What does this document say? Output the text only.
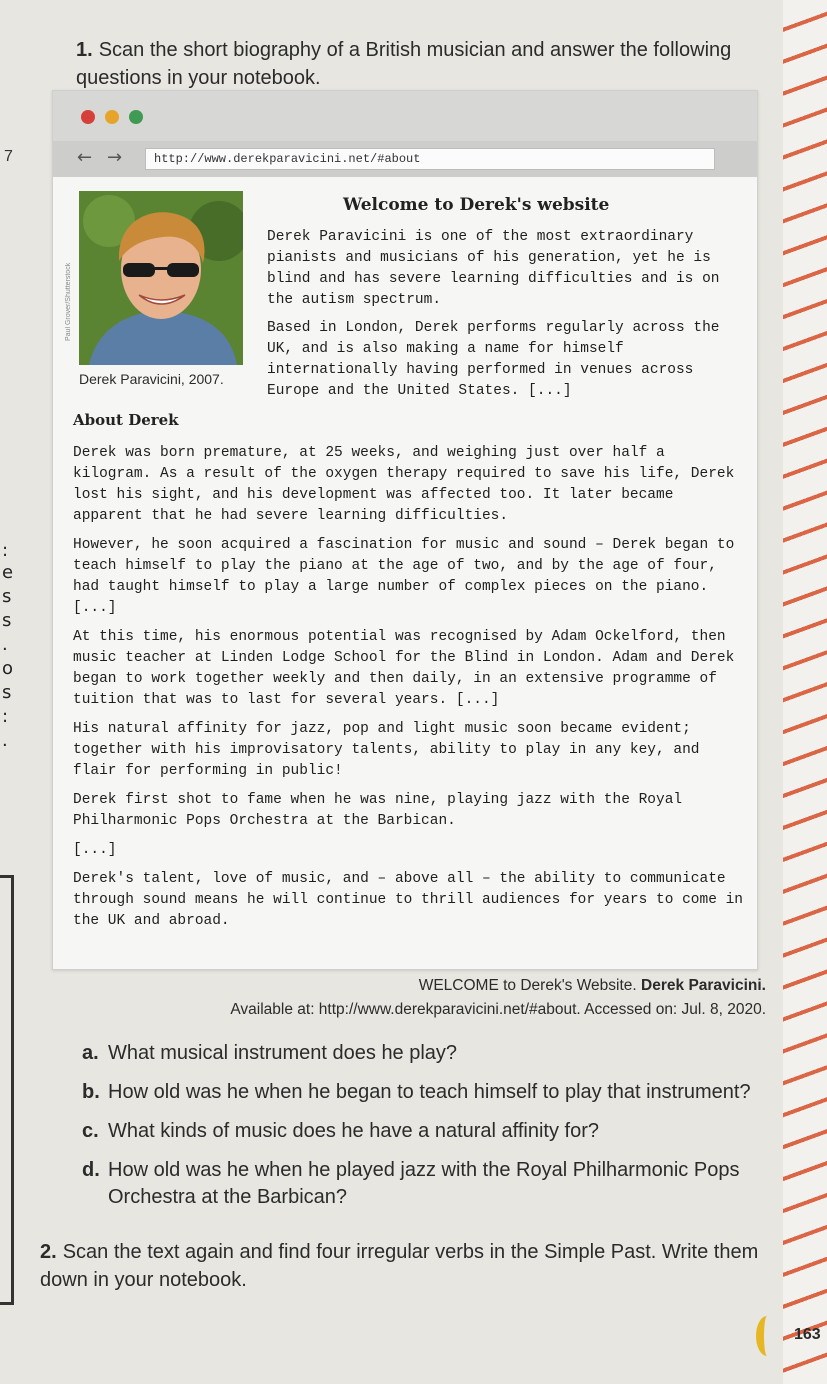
1. Scan the short biography of a British musician and answer the following questions in your notebook.
7
:
e
s
s
.
o
s
:
.
← →	http://www.derekparavicini.net/#about
Paul Grover/Shutterstock
Derek Paravicini, 2007.
Welcome to Derek's website
Derek Paravicini is one of the most extraordinary pianists and musicians of his generation, yet he is blind and has severe learning difficulties and is on the autism spectrum.
Based in London, Derek performs regularly across the UK, and is also making a name for himself internationally having performed in venues across Europe and the United States. [...]
About Derek

Derek was born premature, at 25 weeks, and weighing just over half a kilogram. As a result of the oxygen therapy required to save his life, Derek lost his sight, and his development was affected too. It later became apparent that he had severe learning difficulties.

However, he soon acquired a fascination for music and sound – Derek began to teach himself to play the piano at the age of two, and by the age of four, had taught himself to play a large number of complex pieces on the piano. [...]

At this time, his enormous potential was recognised by Adam Ockelford, then music teacher at Linden Lodge School for the Blind in London. Adam and Derek began to work together weekly and then daily, in an extensive programme of tuition that was to last for several years. [...]

His natural affinity for jazz, pop and light music soon became evident; together with his improvisatory talents, ability to play in any key, and flair for performing in public!

Derek first shot to fame when he was nine, playing jazz with the Royal Philharmonic Pops Orchestra at the Barbican.

[...]

Derek's talent, love of music, and – above all – the ability to communicate through sound means he will continue to thrill audiences for years to come in the UK and abroad.

WELCOME to Derek's Website. Derek Paravicini.
Available at: http://www.derekparavicini.net/#about. Accessed on: Jul. 8, 2020.
a. What musical instrument does he play?
b. How old was he when he began to teach himself to play that instrument?
c. What kinds of music does he have a natural affinity for?
d. How old was he when he played jazz with the Royal Philharmonic Pops Orchestra at the Barbican?
2. Scan the text again and find four irregular verbs in the Simple Past. Write them down in your notebook.
163
